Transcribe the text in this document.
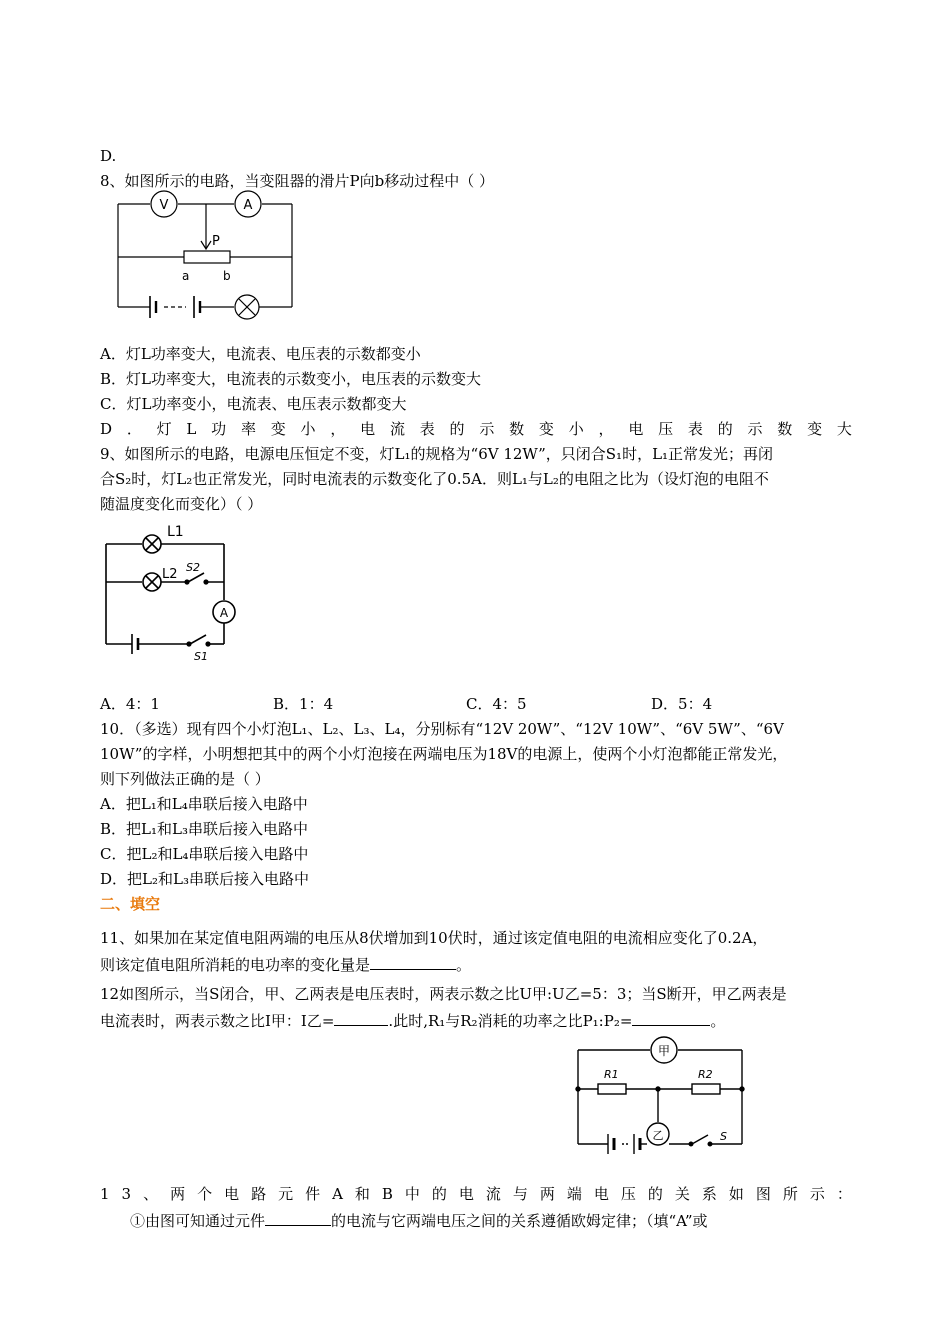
D.
8、如图所示的电路，当变阻器的滑片P向b移动过程中（ ）
V	A
P
a	b
A．灯L功率变大，电流表、电压表的示数都变小
B．灯L功率变大，电流表的示数变小，电压表的示数变大
C．灯L功率变小，电流表、电压表示数都变大
D ． 灯 L 功 率 变 小 ， 电 流 表 的 示 数 变 小 ， 电 压 表 的 示 数 变 大
9、如图所示的电路，电源电压恒定不变，灯L₁的规格为“6V 12W”，只闭合S₁时，L₁正常发光；再闭
合S₂时，灯L₂也正常发光，同时电流表的示数变化了0.5A．则L₁与L₂的电阻之比为（设灯泡的电阻不
随温度变化而变化）（ ）
L1
L2 S2
A
S1
A．4：1	B．1：4	C．4：5	D．5：4
10．（多选）现有四个小灯泡L₁、L₂、L₃、L₄，分别标有“12V 20W”、“12V 10W”、“6V 5W”、“6V
10W”的字样，小明想把其中的两个小灯泡接在两端电压为18V的电源上，使两个小灯泡都能正常发光，
则下列做法正确的是（ ）
A．把L₁和L₄串联后接入电路中
B．把L₁和L₃串联后接入电路中
C．把L₂和L₄串联后接入电路中
D．把L₂和L₃串联后接入电路中
二、填空
11、如果加在某定值电阻两端的电压从8伏增加到10伏时，通过该定值电阻的电流相应变化了0.2A，
则该定值电阻所消耗的电功率的变化量是	。
12如图所示，当S闭合，甲、乙两表是电压表时，两表示数之比U甲:U乙=5：3；当S断开，甲乙两表是
电流表时，两表示数之比I甲：I乙=	.此时,R₁与R₂消耗的功率之比P₁:P₂=	。
甲
乙
R1	R2
S
1 3 、 两 个 电 路 元 件 A 和 B 中 的 电 流 与 两 端 电 压 的 关 系 如 图 所 示 ：
①由图可知通过元件	的电流与它两端电压之间的关系遵循欧姆定律；（填“A”或
